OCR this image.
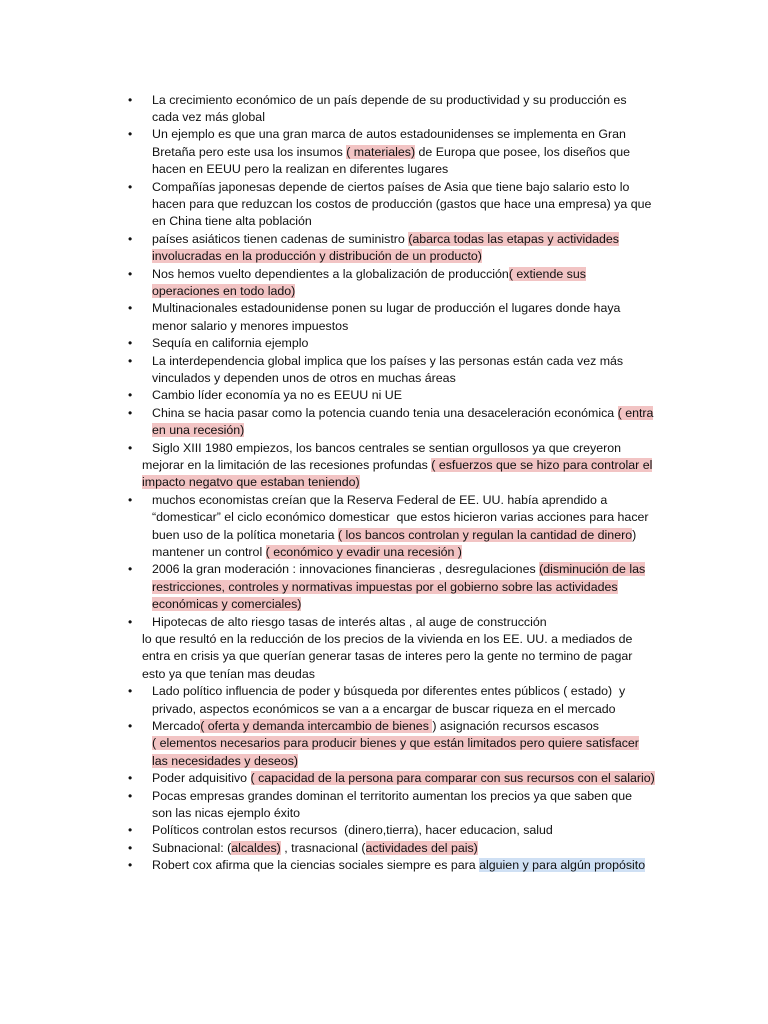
• La crecimiento económico de un país depende de su productividad y su producción es
cada vez más global
• Un ejemplo es que una gran marca de autos estadounidenses se implementa en Gran
Bretaña pero este usa los insumos ( materiales) de Europa que posee, los diseños que
hacen en EEUU pero la realizan en diferentes lugares
• Compañías japonesas depende de ciertos países de Asia que tiene bajo salario esto lo
hacen para que reduzcan los costos de producción (gastos que hace una empresa) ya que
en China tiene alta población
• países asiáticos tienen cadenas de suministro (abarca todas las etapas y actividades
involucradas en la producción y distribución de un producto)
• Nos hemos vuelto dependientes a la globalización de producción( extiende sus
operaciones en todo lado)
• Multinacionales estadounidense ponen su lugar de producción el lugares donde haya
menor salario y menores impuestos
• Sequía en california ejemplo
• La interdependencia global implica que los países y las personas están cada vez más
vinculados y dependen unos de otros en muchas áreas
• Cambio líder economía ya no es EEUU ni UE
• China se hacia pasar como la potencia cuando tenia una desaceleración económica ( entra
en una recesión)
• Siglo XIII 1980 empiezos, los bancos centrales se sentian orgullosos ya que creyeron
mejorar en la limitación de las recesiones profundas ( esfuerzos que se hizo para controlar el
impacto negatvo que estaban teniendo)
• muchos economistas creían que la Reserva Federal de EE. UU. había aprendido a
“domesticar” el ciclo económico domesticar  que estos hicieron varias acciones para hacer
buen uso de la política monetaria ( los bancos controlan y regulan la cantidad de dinero)
mantener un control ( económico y evadir una recesión )
• 2006 la gran moderación : innovaciones financieras , desregulaciones (disminución de las
restricciones, controles y normativas impuestas por el gobierno sobre las actividades
económicas y comerciales)
• Hipotecas de alto riesgo tasas de interés altas , al auge de construcción
lo que resultó en la reducción de los precios de la vivienda en los EE. UU. a mediados de
entra en crisis ya que querían generar tasas de interes pero la gente no termino de pagar
esto ya que tenían mas deudas
• Lado político influencia de poder y búsqueda por diferentes entes públicos ( estado)  y
privado, aspectos económicos se van a a encargar de buscar riqueza en el mercado
• Mercado( oferta y demanda intercambio de bienes ) asignación recursos escasos
( elementos necesarios para producir bienes y que están limitados pero quiere satisfacer
las necesidades y deseos)
• Poder adquisitivo ( capacidad de la persona para comparar con sus recursos con el salario)
• Pocas empresas grandes dominan el territorito aumentan los precios ya que saben que
son las nicas ejemplo éxito
• Políticos controlan estos recursos  (dinero,tierra), hacer educacion, salud
• Subnacional: (alcaldes) , trasnacional (actividades del pais)
• Robert cox afirma que la ciencias sociales siempre es para alguien y para algún propósito
